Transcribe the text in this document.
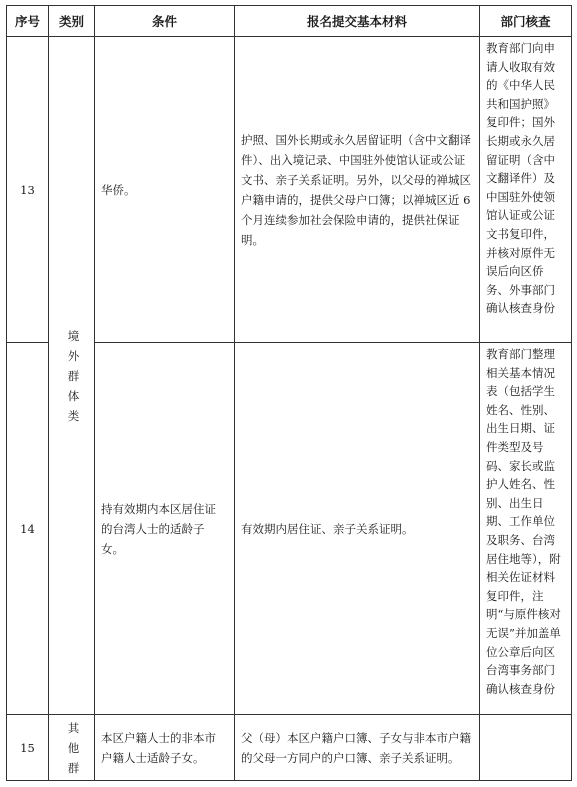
序号	类别	条件	报名提交基本材料	部门核查
13	境外群体类	华侨。	护照、国外长期或永久居留证明（含中文翻译件）、出入境记录、中国驻外使馆认证或公证文书、亲子关系证明。另外，以父母的禅城区户籍申请的，提供父母户口簿；以禅城区近 6 个月连续参加社会保险申请的，提供社保证明。	教育部门向申请人收取有效的《中华人民共和国护照》复印件；国外长期或永久居留证明（含中文翻译件）及中国驻外使领馆认证或公证文书复印件，并核对原件无误后向区侨务、外事部门确认核查身份
14		持有效期内本区居住证的台湾人士的适龄子女。	有效期内居住证、亲子关系证明。	教育部门整理相关基本情况表（包括学生姓名、性别、出生日期、证件类型及号码、家长或监护人姓名、性别、出生日期、工作单位及职务、台湾居住地等），附相关佐证材料复印件，注明“与原件核对无误”并加盖单位公章后向区台湾事务部门确认核查身份
15	其他群	本区户籍人士的非本市户籍人士适龄子女。	父（母）本区户籍户口簿、子女与非本市户籍的父母一方同户的户口簿、亲子关系证明。	
